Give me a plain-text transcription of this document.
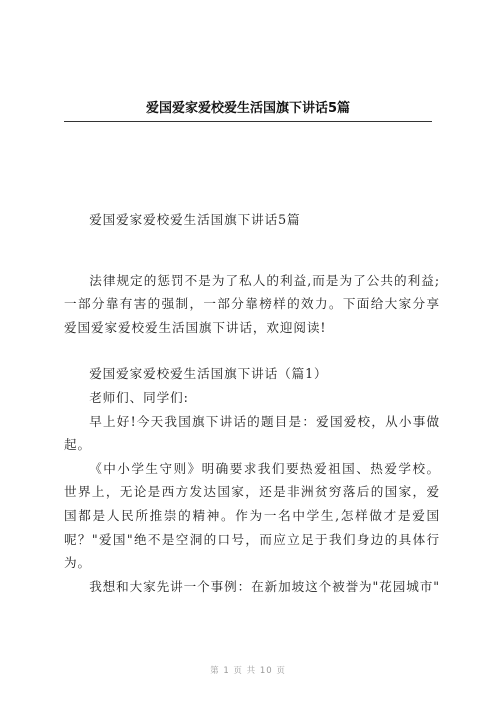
爱国爱家爱校爱生活国旗下讲话5篇

爱国爱家爱校爱生活国旗下讲话5篇

法律规定的惩罚不是为了私人的利益,而是为了公共的利益;一部分靠有害的强制，一部分靠榜样的效力。下面给大家分享爱国爱家爱校爱生活国旗下讲话，欢迎阅读!

爱国爱家爱校爱生活国旗下讲话（篇1）

老师们、同学们:

早上好!今天我国旗下讲话的题目是：爱国爱校，从小事做起。

《中小学生守则》明确要求我们要热爱祖国、热爱学校。世界上，无论是西方发达国家，还是非洲贫穷落后的国家，爱国都是人民所推崇的精神。作为一名中学生,怎样做才是爱国呢？"爱国"绝不是空洞的口号，而应立足于我们身边的具体行为。

我想和大家先讲一个事例：在新加坡这个被誉为"花园城市"

第 1 页 共 10 页
